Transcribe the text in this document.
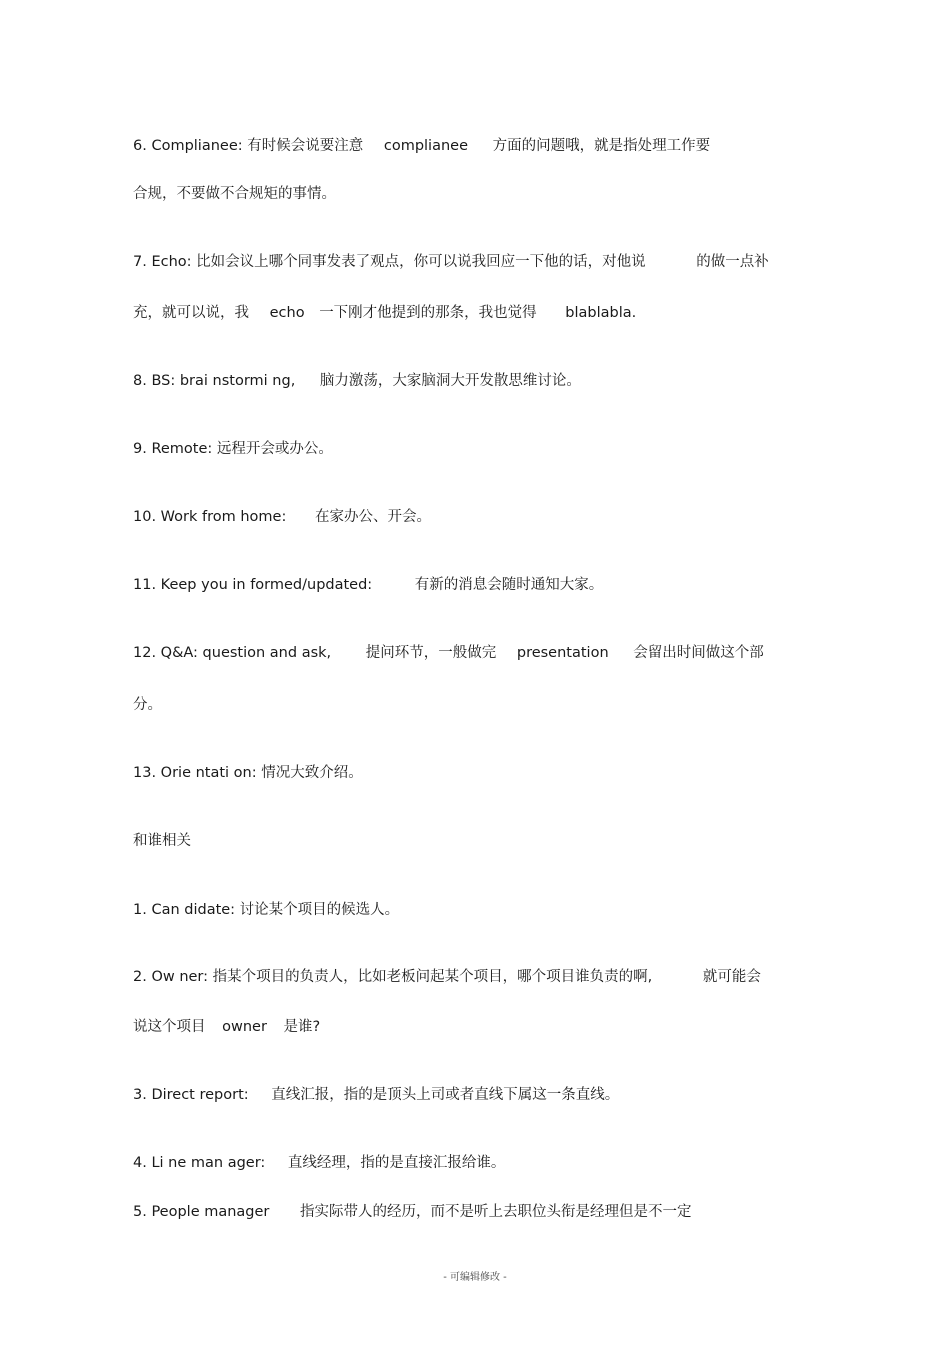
6. Complianee: 有时候会说要注意 complianee 方面的问题哦，就是指处理工作要
合规，不要做不合规矩的事情。
7. Echo: 比如会议上哪个同事发表了观点，你可以说我回应一下他的话，对他说	的做一点补
充，就可以说，我 echo 一下刚才他提到的那条，我也觉得 blablabla.
8. BS: brai nstormi ng, 脑力激荡，大家脑洞大开发散思维讨论。
9. Remote: 远程开会或办公。
10. Work from home: 在家办公、开会。
11. Keep you in formed/updated:	有新的消息会随时通知大家。
12. Q&A: question and ask, 提问环节，一般做完 presentation 会留出时间做这个部
分。
13. Orie ntati on: 情况大致介绍。
和谁相关
1. Can didate: 讨论某个项目的候选人。
2. Ow ner: 指某个项目的负责人，比如老板问起某个项目，哪个项目谁负责的啊,	就可能会
说这个项目 owner 是谁?
3. Direct report: 直线汇报，指的是顶头上司或者直线下属这一条直线。
4. Li ne man ager: 直线经理，指的是直接汇报给谁。
5. People manager 指实际带人的经历，而不是听上去职位头衔是经理但是不一定
- 可编辑修改 -
